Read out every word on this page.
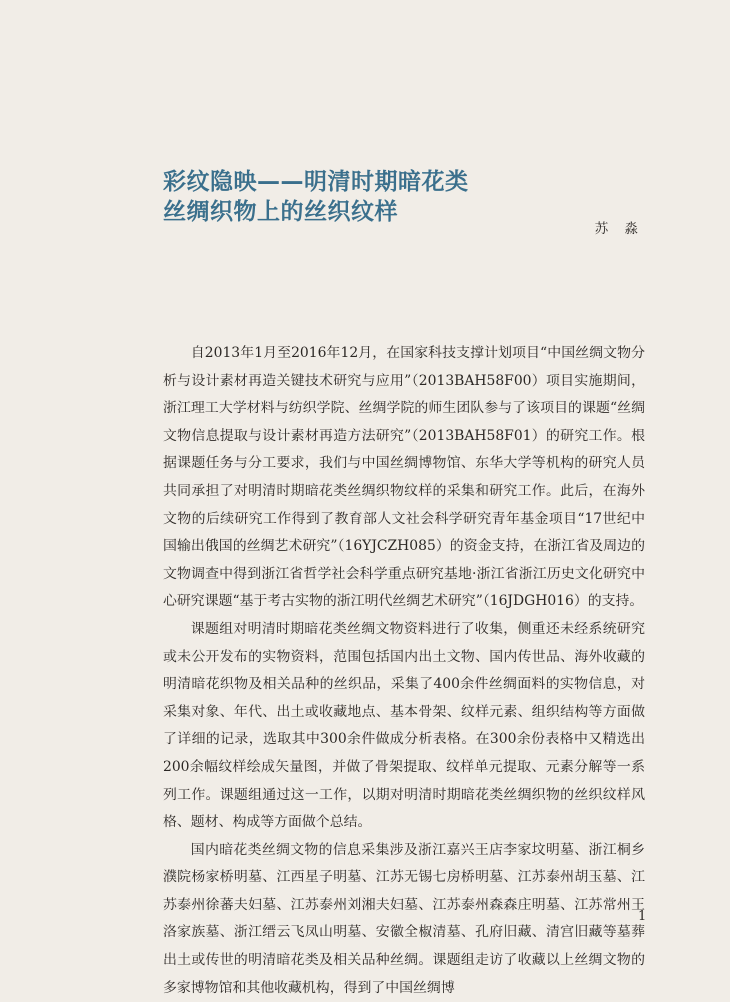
彩纹隐映——明清时期暗花类
丝绸织物上的丝织纹样
苏 淼

自2013年1月至2016年12月，在国家科技支撑计划项目“中国丝绸文物分析与设计素材再造关键技术研究与应用”（2013BAH58F00）项目实施期间，浙江理工大学材料与纺织学院、丝绸学院的师生团队参与了该项目的课题“丝绸文物信息提取与设计素材再造方法研究”（2013BAH58F01）的研究工作。根据课题任务与分工要求，我们与中国丝绸博物馆、东华大学等机构的研究人员共同承担了对明清时期暗花类丝绸织物纹样的采集和研究工作。此后，在海外文物的后续研究工作得到了教育部人文社会科学研究青年基金项目“17世纪中国输出俄国的丝绸艺术研究”（16YJCZH085）的资金支持，在浙江省及周边的文物调查中得到浙江省哲学社会科学重点研究基地·浙江省浙江历史文化研究中心研究课题“基于考古实物的浙江明代丝绸艺术研究”（16JDGH016）的支持。

课题组对明清时期暗花类丝绸文物资料进行了收集，侧重还未经系统研究或未公开发布的实物资料，范围包括国内出土文物、国内传世品、海外收藏的明清暗花织物及相关品种的丝织品，采集了400余件丝绸面料的实物信息，对采集对象、年代、出土或收藏地点、基本骨架、纹样元素、组织结构等方面做了详细的记录，选取其中300余件做成分析表格。在300余份表格中又精选出200余幅纹样绘成矢量图，并做了骨架提取、纹样单元提取、元素分解等一系列工作。课题组通过这一工作，以期对明清时期暗花类丝绸织物的丝织纹样风格、题材、构成等方面做个总结。

国内暗花类丝绸文物的信息采集涉及浙江嘉兴王店李家坟明墓、浙江桐乡濮院杨家桥明墓、江西星子明墓、江苏无锡七房桥明墓、江苏泰州胡玉墓、江苏泰州徐蕃夫妇墓、江苏泰州刘湘夫妇墓、江苏泰州森森庄明墓、江苏常州王洛家族墓、浙江缙云飞凤山明墓、安徽全椒清墓、孔府旧藏、清宫旧藏等墓葬出土或传世的明清暗花类及相关品种丝绸。课题组走访了收藏以上丝绸文物的多家博物馆和其他收藏机构，得到了中国丝绸博

1
